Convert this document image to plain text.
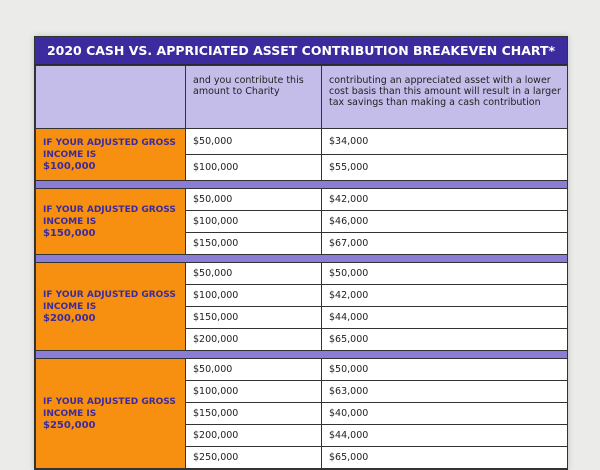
2020 CASH VS. APPRICIATED ASSET CONTRIBUTION BREAKEVEN CHART*
	and you contribute this amount to Charity	contributing an appreciated asset with a lower cost basis than this amount will result in a larger tax savings than making a cash contribution

IF YOUR ADJUSTED GROSS INCOME IS
$100,000	$50,000	$34,000
	$100,000	$55,000

IF YOUR ADJUSTED GROSS INCOME IS
$150,000	$50,000	$42,000
	$100,000	$46,000
	$150,000	$67,000

IF YOUR ADJUSTED GROSS INCOME IS
$200,000	$50,000	$50,000
	$100,000	$42,000
	$150,000	$44,000
	$200,000	$65,000

IF YOUR ADJUSTED GROSS INCOME IS
$250,000	$50,000	$50,000
	$100,000	$63,000
	$150,000	$40,000
	$200,000	$44,000
	$250,000	$65,000
